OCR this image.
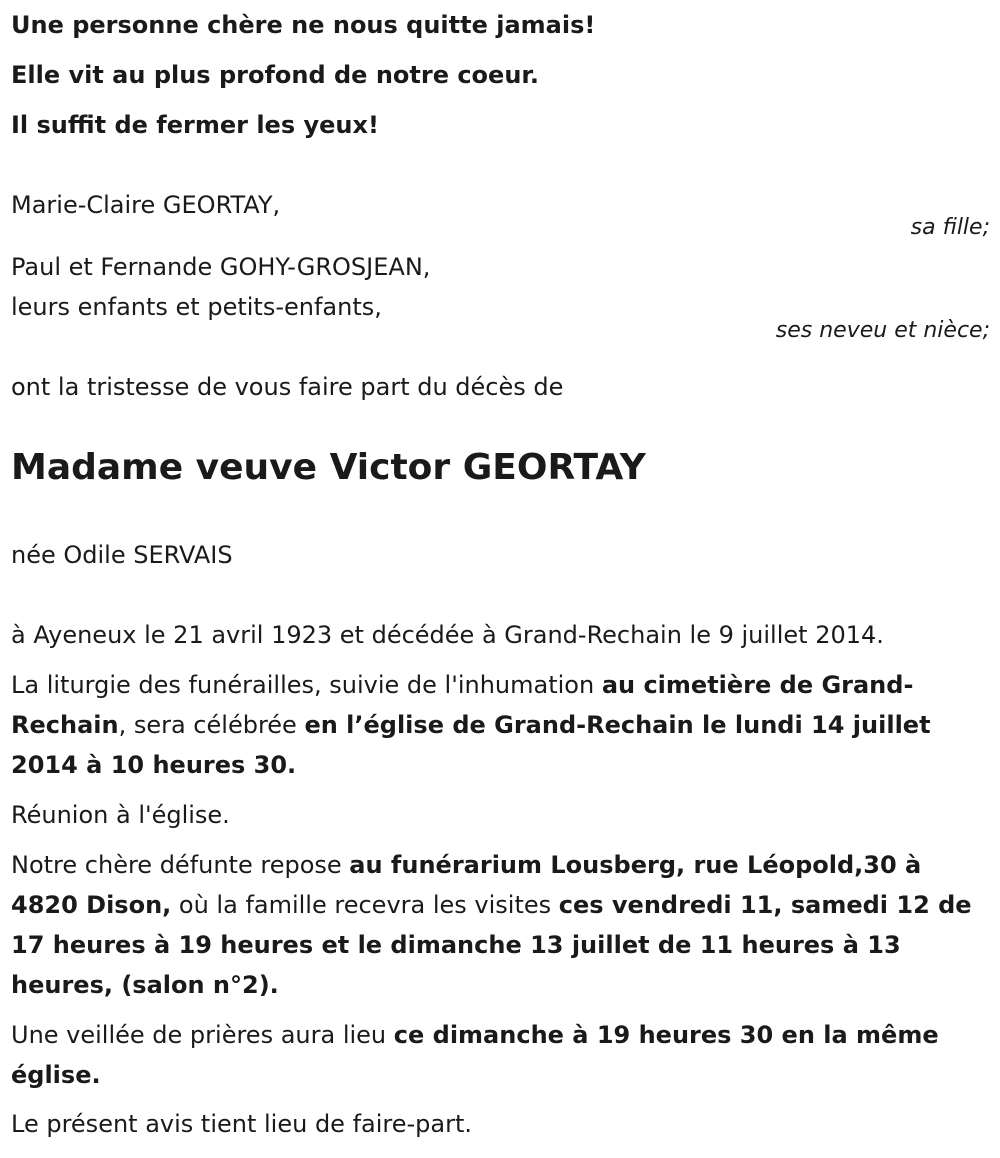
Une personne chère ne nous quitte jamais!
Elle vit au plus profond de notre coeur.
Il suffit de fermer les yeux!
Marie-Claire GEORTAY,
sa fille;
Paul et Fernande GOHY-GROSJEAN,
leurs enfants et petits-enfants,
ses neveu et nièce;
ont la tristesse de vous faire part du décès de
Madame veuve Victor GEORTAY
née Odile SERVAIS
à Ayeneux le 21 avril 1923 et décédée à Grand-Rechain le 9 juillet 2014.
La liturgie des funérailles, suivie de l'inhumation au cimetière de Grand-Rechain, sera célébrée en l’église de Grand-Rechain le lundi 14 juillet 2014 à 10 heures 30.
Réunion à l'église.
Notre chère défunte repose au funérarium Lousberg, rue Léopold,30 à 4820 Dison, où la famille recevra les visites ces vendredi 11, samedi 12 de 17 heures à 19 heures et le dimanche 13 juillet de 11 heures à 13 heures, (salon n°2).
Une veillée de prières aura lieu ce dimanche à 19 heures 30 en la même église.
Le présent avis tient lieu de faire-part.
